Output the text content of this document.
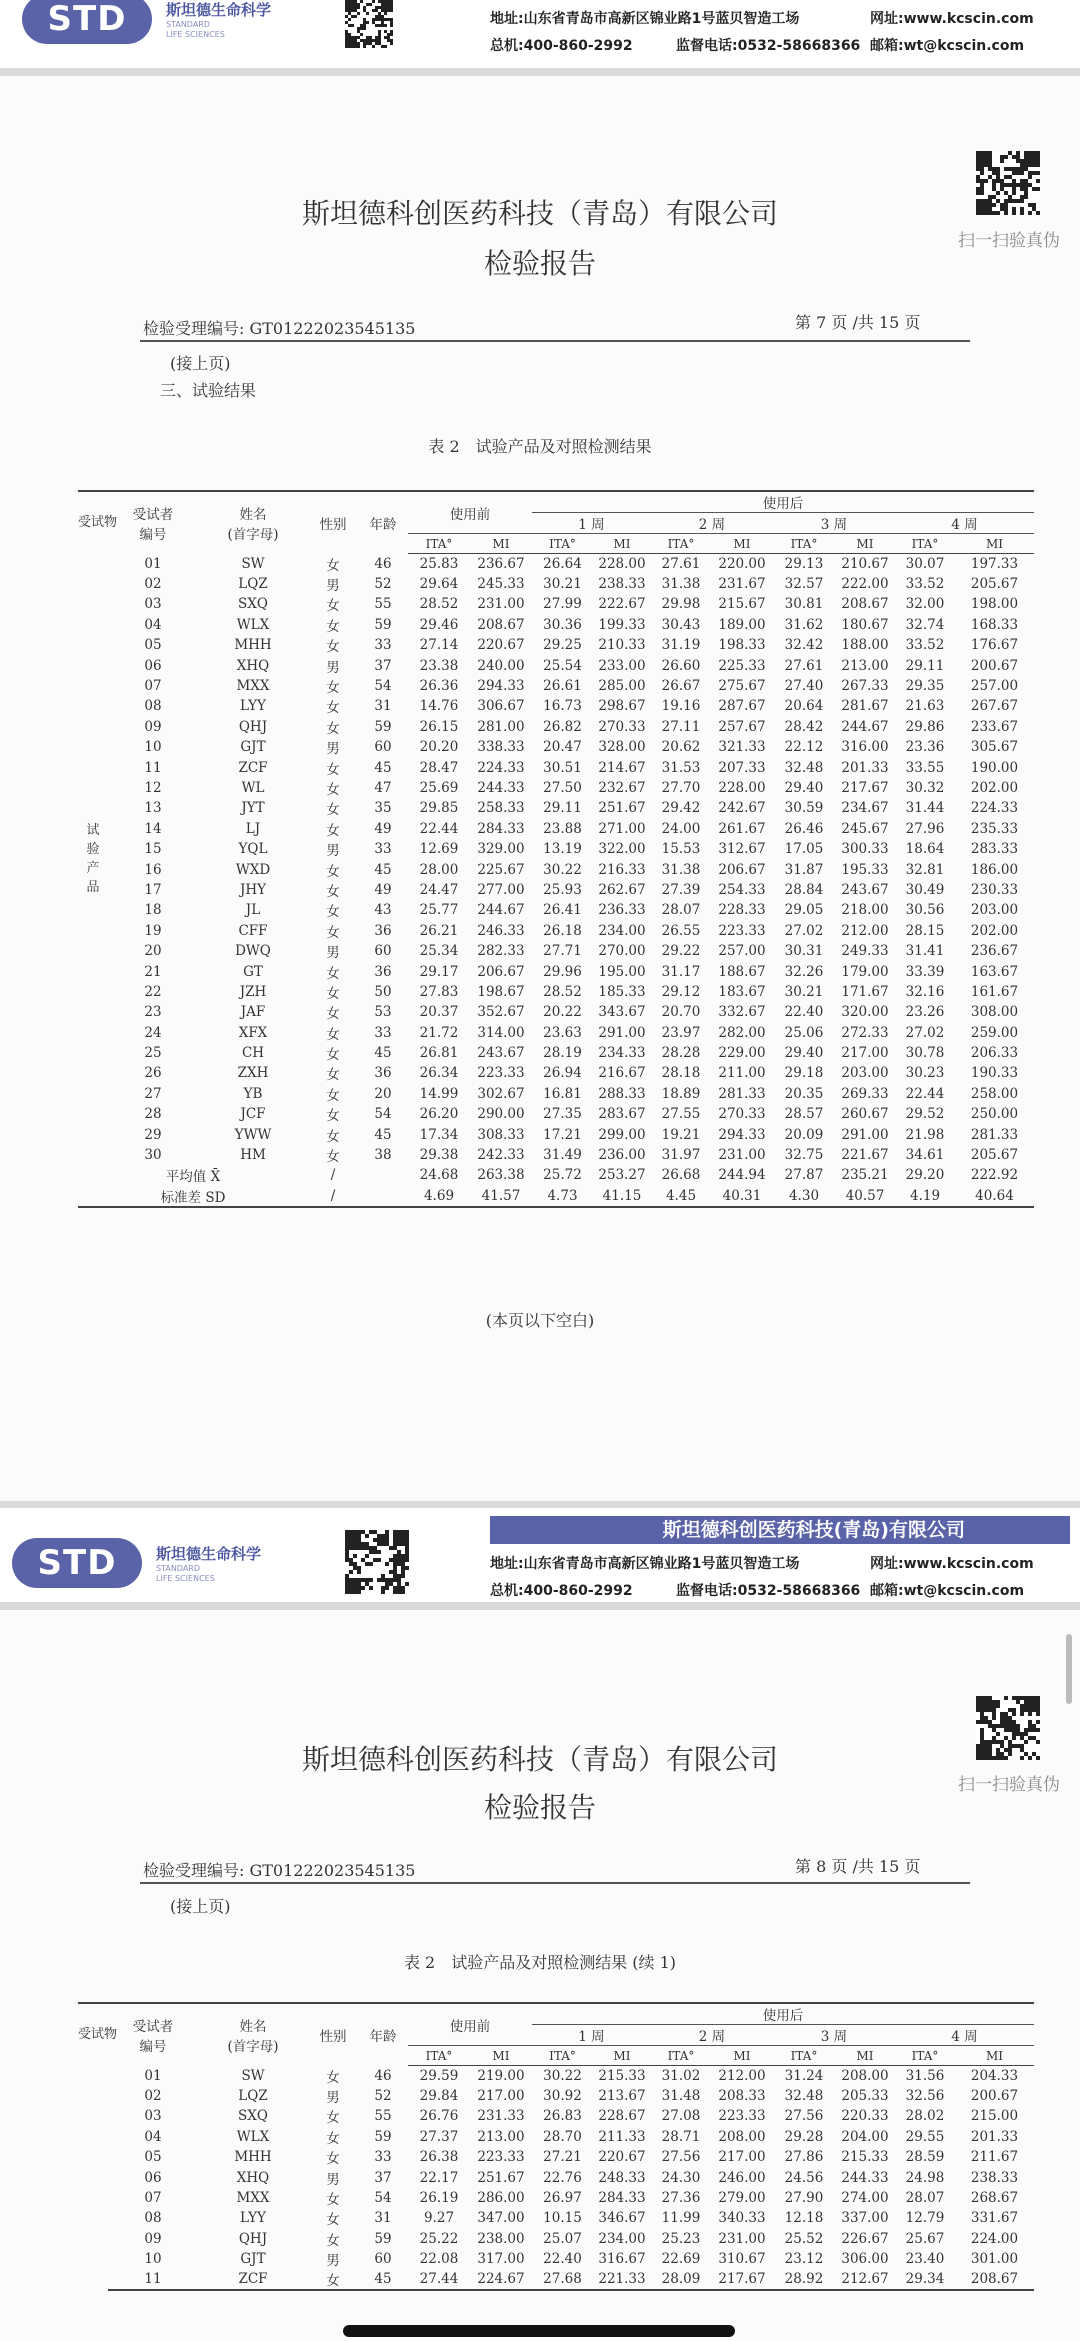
STD	斯坦德生命科学
STANDARD
LIFE SCIENCES
地址:山东省青岛市高新区锦业路1号蓝贝智造工场	网址:www.kcscin.com
总机:400-860-2992	监督电话:0532-58668366 邮箱:wt@kcscin.com
斯坦德科创医药科技（青岛）有限公司
检验报告
扫一扫验真伪
检验受理编号: GT01222023545135	第 7 页 /共 15 页
(接上页)
三、试验结果
表 2　试验产品及对照检测结果
受试物	受试者
编号	姓名
(首字母)	性别	年龄	使用前		使用后							
							1 周		2 周		3 周		4 周	
					ITA°	MI	ITA°	MI	ITA°	MI	ITA°	MI	ITA°	MI
试
验
产
品	01	SW	女	46	25.83	236.67	26.64	228.00	27.61	220.00	29.13	210.67	30.07	197.33
	02	LQZ	男	52	29.64	245.33	30.21	238.33	31.38	231.67	32.57	222.00	33.52	205.67
	03	SXQ	女	55	28.52	231.00	27.99	222.67	29.98	215.67	30.81	208.67	32.00	198.00
	04	WLX	女	59	29.46	208.67	30.36	199.33	30.43	189.00	31.62	180.67	32.74	168.33
	05	MHH	女	33	27.14	220.67	29.25	210.33	31.19	198.33	32.42	188.00	33.52	176.67
	06	XHQ	男	37	23.38	240.00	25.54	233.00	26.60	225.33	27.61	213.00	29.11	200.67
	07	MXX	女	54	26.36	294.33	26.61	285.00	26.67	275.67	27.40	267.33	29.35	257.00
	08	LYY	女	31	14.76	306.67	16.73	298.67	19.16	287.67	20.64	281.67	21.63	267.67
	09	QHJ	女	59	26.15	281.00	26.82	270.33	27.11	257.67	28.42	244.67	29.86	233.67
	10	GJT	男	60	20.20	338.33	20.47	328.00	20.62	321.33	22.12	316.00	23.36	305.67
	11	ZCF	女	45	28.47	224.33	30.51	214.67	31.53	207.33	32.48	201.33	33.55	190.00
	12	WL	女	47	25.69	244.33	27.50	232.67	27.70	228.00	29.40	217.67	30.32	202.00
	13	JYT	女	35	29.85	258.33	29.11	251.67	29.42	242.67	30.59	234.67	31.44	224.33
	14	LJ	女	49	22.44	284.33	23.88	271.00	24.00	261.67	26.46	245.67	27.96	235.33
	15	YQL	男	33	12.69	329.00	13.19	322.00	15.53	312.67	17.05	300.33	18.64	283.33
	16	WXD	女	45	28.00	225.67	30.22	216.33	31.38	206.67	31.87	195.33	32.81	186.00
	17	JHY	女	49	24.47	277.00	25.93	262.67	27.39	254.33	28.84	243.67	30.49	230.33
	18	JL	女	43	25.77	244.67	26.41	236.33	28.07	228.33	29.05	218.00	30.56	203.00
	19	CFF	女	36	26.21	246.33	26.18	234.00	26.55	223.33	27.02	212.00	28.15	202.00
	20	DWQ	男	60	25.34	282.33	27.71	270.00	29.22	257.00	30.31	249.33	31.41	236.67
	21	GT	女	36	29.17	206.67	29.96	195.00	31.17	188.67	32.26	179.00	33.39	163.67
	22	JZH	女	50	27.83	198.67	28.52	185.33	29.12	183.67	30.21	171.67	32.16	161.67
	23	JAF	女	53	20.37	352.67	20.22	343.67	20.70	332.67	22.40	320.00	23.26	308.00
	24	XFX	女	33	21.72	314.00	23.63	291.00	23.97	282.00	25.06	272.33	27.02	259.00
	25	CH	女	45	26.81	243.67	28.19	234.33	28.28	229.00	29.40	217.00	30.78	206.33
	26	ZXH	女	36	26.34	223.33	26.94	216.67	28.18	211.00	29.18	203.00	30.23	190.33
	27	YB	女	20	14.99	302.67	16.81	288.33	18.89	281.33	20.35	269.33	22.44	258.00
	28	JCF	女	54	26.20	290.00	27.35	283.67	27.55	270.33	28.57	260.67	29.52	250.00
	29	YWW	女	45	17.34	308.33	17.21	299.00	19.21	294.33	20.09	291.00	21.98	281.33
	30	HM	女	38	29.38	242.33	31.49	236.00	31.97	231.00	32.75	221.67	34.61	205.67
平均值 X̄			/		24.68	263.38	25.72	253.27	26.68	244.94	27.87	235.21	29.20	222.92
标准差 SD			/		4.69	41.57	4.73	41.15	4.45	40.31	4.30	40.57	4.19	40.64
(本页以下空白)
STD	斯坦德生命科学
STANDARD
LIFE SCIENCES
斯坦德科创医药科技(青岛)有限公司
地址:山东省青岛市高新区锦业路1号蓝贝智造工场	网址:www.kcscin.com
总机:400-860-2992	监督电话:0532-58668366 邮箱:wt@kcscin.com
斯坦德科创医药科技（青岛）有限公司
检验报告
扫一扫验真伪
检验受理编号: GT01222023545135	第 8 页 /共 15 页
(接上页)
表 2　试验产品及对照检测结果 (续 1)
受试物	受试者
编号	姓名
(首字母)	性别	年龄	使用前		使用后							
							1 周		2 周		3 周		4 周	
					ITA°	MI	ITA°	MI	ITA°	MI	ITA°	MI	ITA°	MI
	01	SW	女	46	29.59	219.00	30.22	215.33	31.02	212.00	31.24	208.00	31.56	204.33
	02	LQZ	男	52	29.84	217.00	30.92	213.67	31.48	208.33	32.48	205.33	32.56	200.67
	03	SXQ	女	55	26.76	231.33	26.83	228.67	27.08	223.33	27.56	220.33	28.02	215.00
	04	WLX	女	59	27.37	213.00	28.70	211.33	28.71	208.00	29.28	204.00	29.55	201.33
	05	MHH	女	33	26.38	223.33	27.21	220.67	27.56	217.00	27.86	215.33	28.59	211.67
	06	XHQ	男	37	22.17	251.67	22.76	248.33	24.30	246.00	24.56	244.33	24.98	238.33
	07	MXX	女	54	26.19	286.00	26.97	284.33	27.36	279.00	27.90	274.00	28.07	268.67
	08	LYY	女	31	9.27	347.00	10.15	346.67	11.99	340.33	12.18	337.00	12.79	331.67
	09	QHJ	女	59	25.22	238.00	25.07	234.00	25.23	231.00	25.52	226.67	25.67	224.00
	10	GJT	男	60	22.08	317.00	22.40	316.67	22.69	310.67	23.12	306.00	23.40	301.00
	11	ZCF	女	45	27.44	224.67	27.68	221.33	28.09	217.67	28.92	212.67	29.34	208.67
